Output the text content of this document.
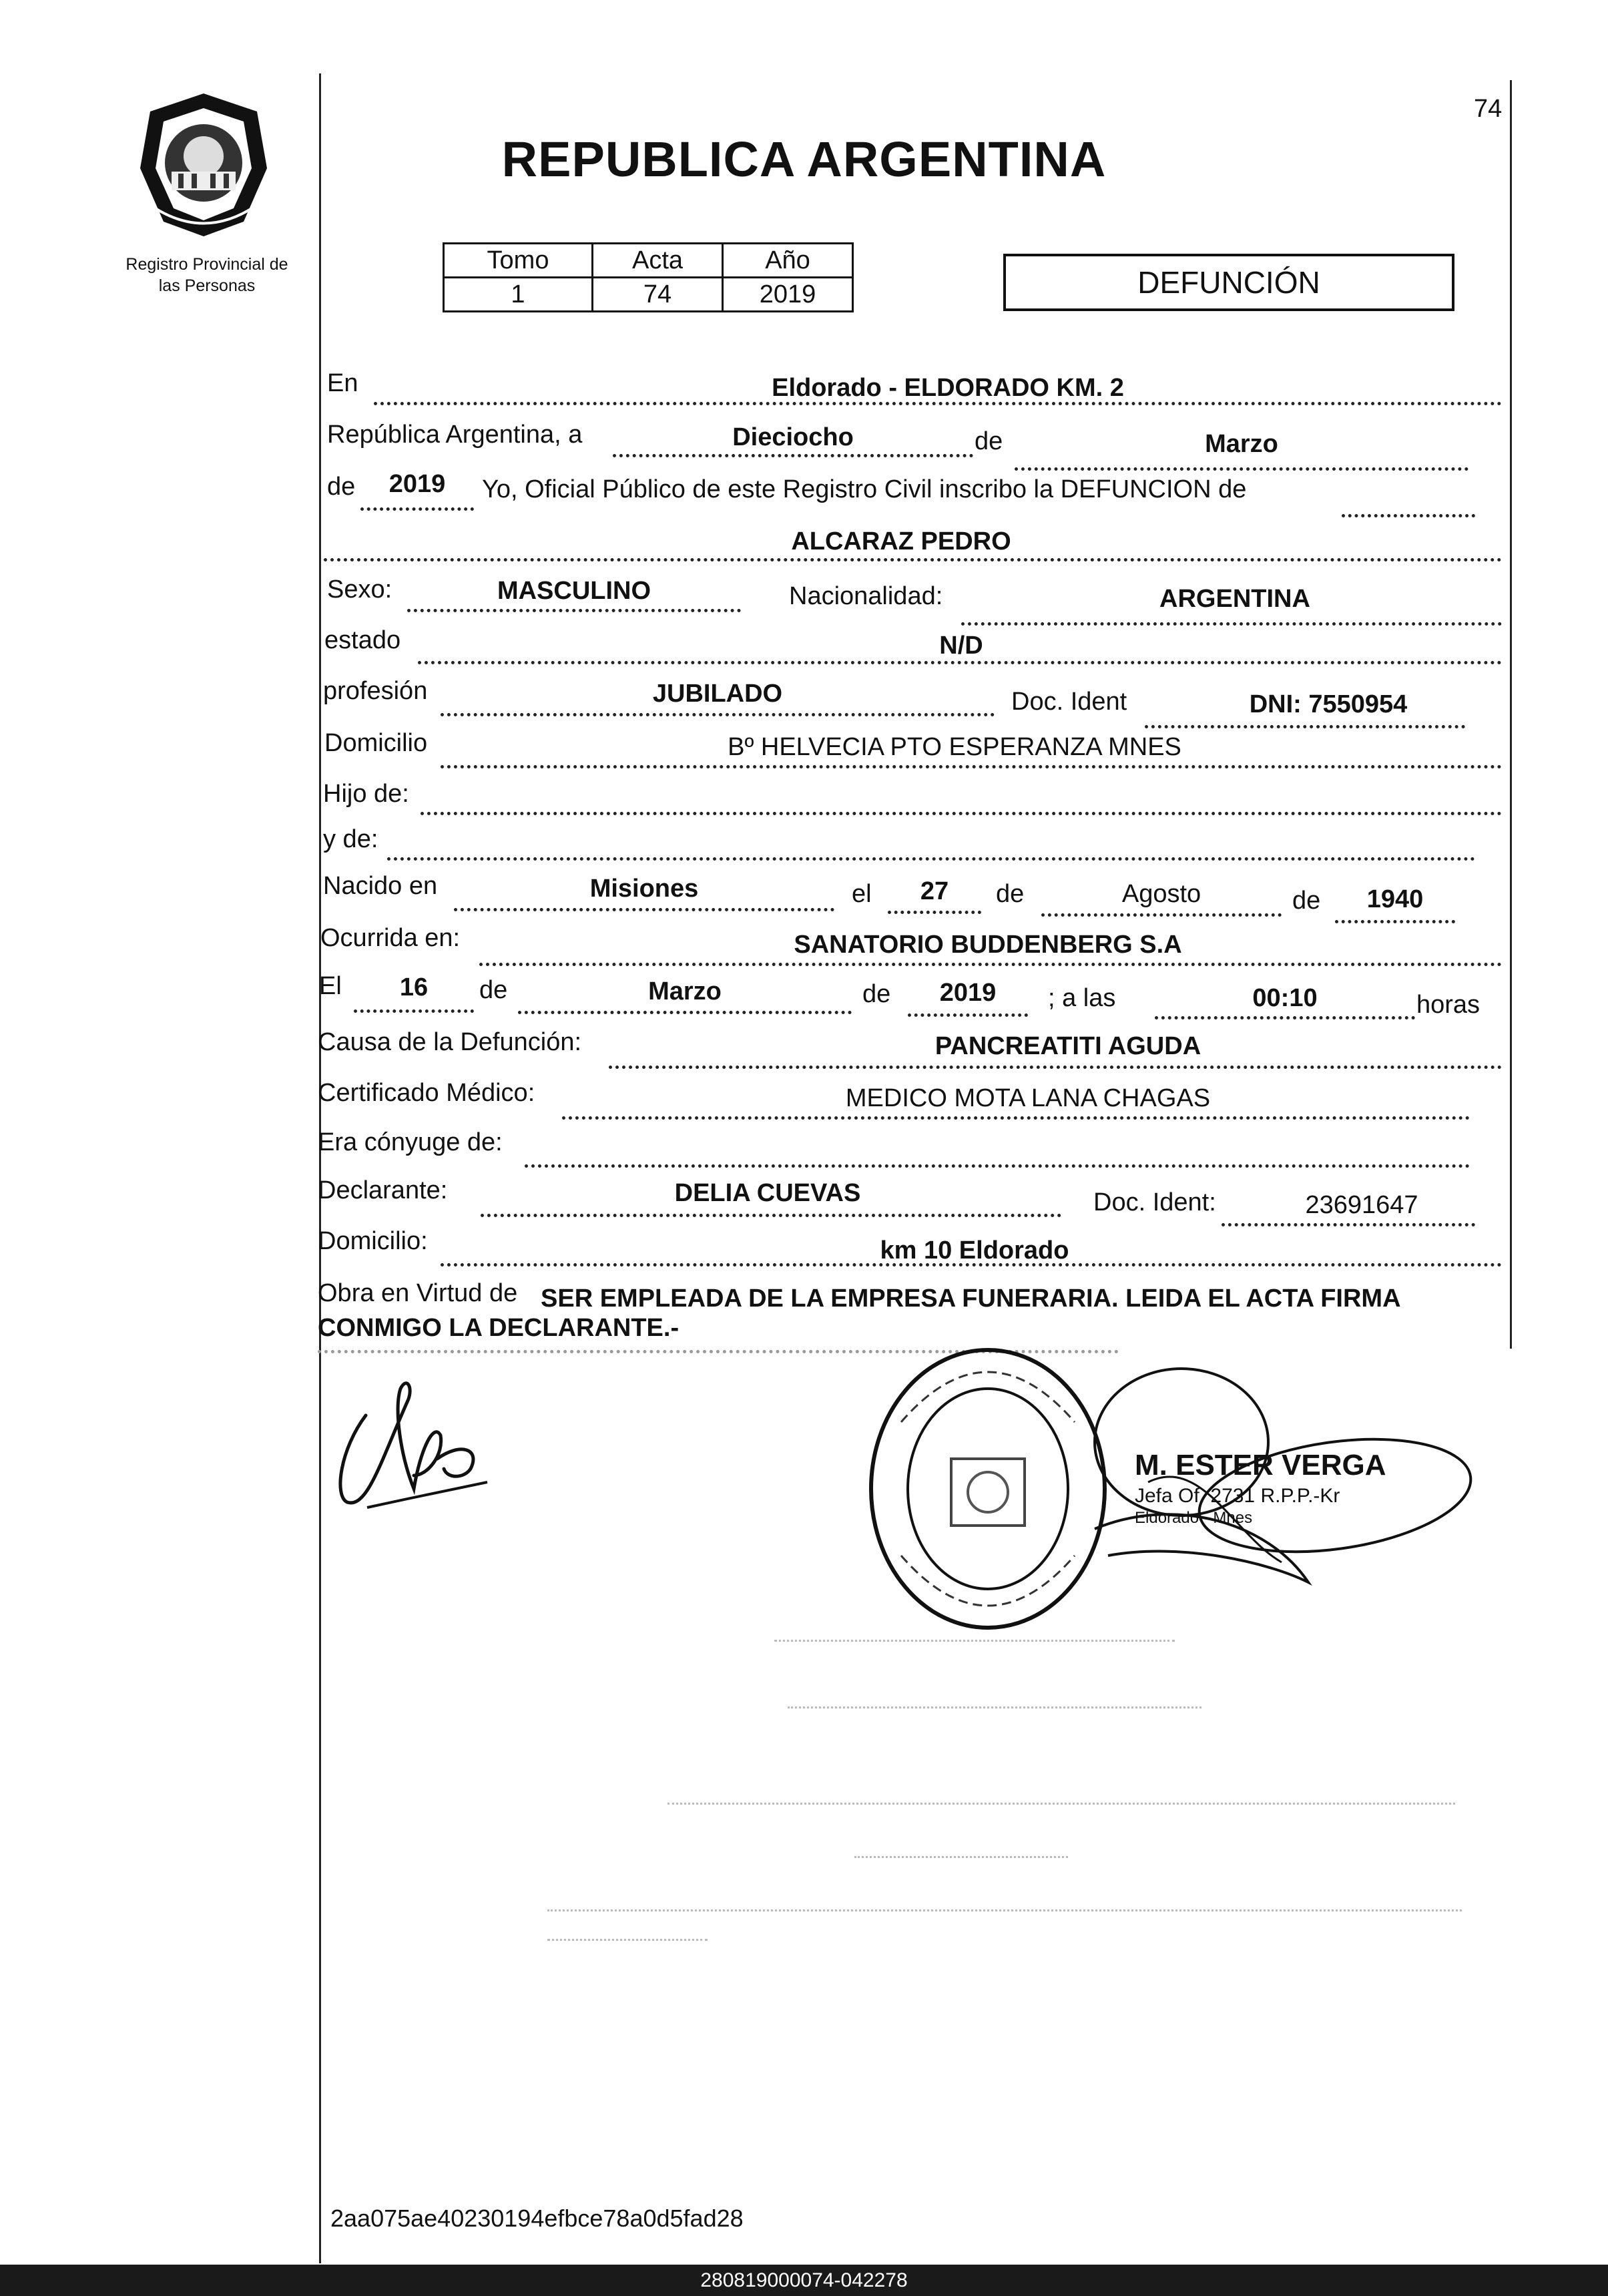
74
Registro Provincial de
las Personas
REPUBLICA ARGENTINA
Tomo	Acta	Año
1	74	2019	DEFUNCIÓN
En	Eldorado - ELDORADO KM. 2
República Argentina, a	Dieciocho	de	Marzo
de	2019	Yo, Oficial Público de este Registro Civil inscribo la DEFUNCION de
ALCARAZ PEDRO
Sexo:	MASCULINO	Nacionalidad:	ARGENTINA
estado	N/D
profesión	JUBILADO	Doc. Ident	DNI: 7550954
Domicilio	Bº HELVECIA PTO ESPERANZA MNES
Hijo de:
y de:
Nacido en	Misiones	el	27	de	Agosto	de	1940
Ocurrida en:	SANATORIO BUDDENBERG S.A
El	16	de	Marzo	de	2019	; a las	00:10	horas
Causa de la Defunción:	PANCREATITI AGUDA
Certificado Médico:	MEDICO MOTA LANA CHAGAS
Era cónyuge de:
Declarante:	DELIA CUEVAS	Doc. Ident:	23691647
Domicilio:	km 10 Eldorado
Obra en Virtud de SER EMPLEADA DE LA EMPRESA FUNERARIA. LEIDA EL ACTA FIRMA
CONMIGO LA DECLARANTE.-
M. ESTER VERGA
Jefa Of. 2731 R.P.P.-Kr
Eldorado - Mnes
2aa075ae40230194efbce78a0d5fad28
280819000074-042278
